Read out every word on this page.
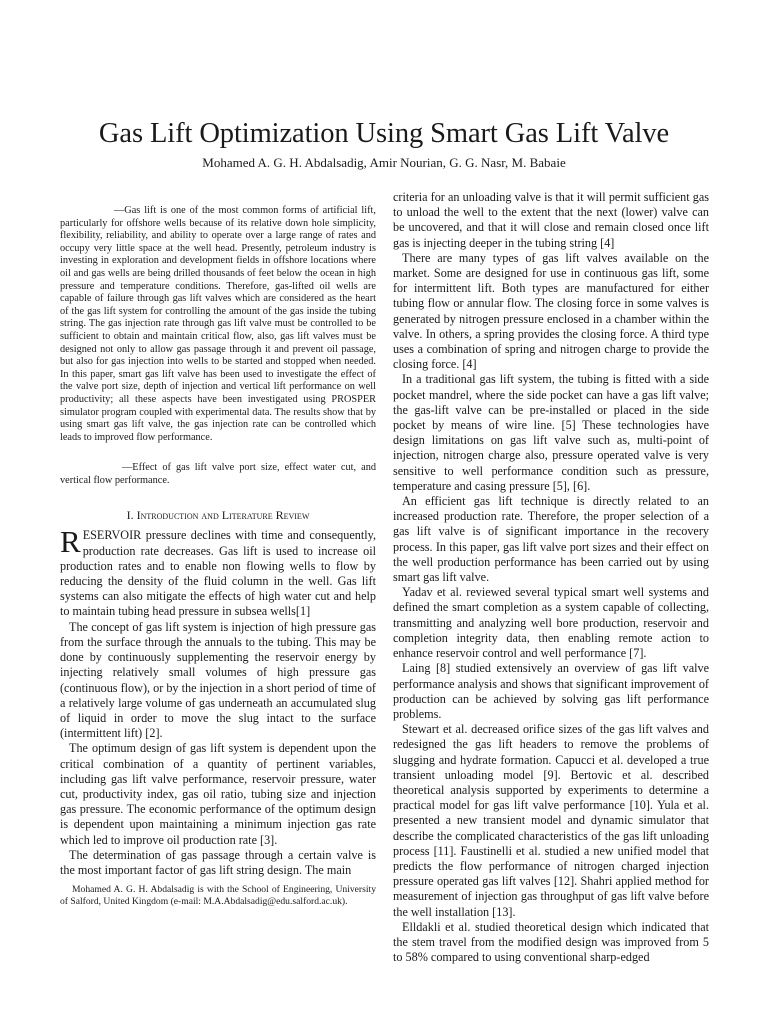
Gas Lift Optimization Using Smart Gas Lift Valve
Mohamed A. G. H. Abdalsadig, Amir Nourian, G. G. Nasr, M. Babaie

—Gas lift is one of the most common forms of artificial lift, particularly for offshore wells because of its relative down hole simplicity, flexibility, reliability, and ability to operate over a large range of rates and occupy very little space at the well head. Presently, petroleum industry is investing in exploration and development fields in offshore locations where oil and gas wells are being drilled thousands of feet below the ocean in high pressure and temperature conditions. Therefore, gas-lifted oil wells are capable of failure through gas lift valves which are considered as the heart of the gas lift system for controlling the amount of the gas inside the tubing string. The gas injection rate through gas lift valve must be controlled to be sufficient to obtain and maintain critical flow, also, gas lift valves must be designed not only to allow gas passage through it and prevent oil passage, but also for gas injection into wells to be started and stopped when needed. In this paper, smart gas lift valve has been used to investigate the effect of the valve port size, depth of injection and vertical lift performance on well productivity; all these aspects have been investigated using PROSPER simulator program coupled with experimental data. The results show that by using smart gas lift valve, the gas injection rate can be controlled which leads to improved flow performance.

—Effect of gas lift valve port size, effect water cut, and vertical flow performance.

I. Introduction and Literature Review

RESERVOIR pressure declines with time and consequently, production rate decreases. Gas lift is used to increase oil production rates and to enable non flowing wells to flow by reducing the density of the fluid column in the well. Gas lift systems can also mitigate the effects of high water cut and help to maintain tubing head pressure in subsea wells[1]

The concept of gas lift system is injection of high pressure gas from the surface through the annuals to the tubing. This may be done by continuously supplementing the reservoir energy by injecting relatively small volumes of high pressure gas (continuous flow), or by the injection in a short period of time of a relatively large volume of gas underneath an accumulated slug of liquid in order to move the slug intact to the surface (intermittent lift) [2].

The optimum design of gas lift system is dependent upon the critical combination of a quantity of pertinent variables, including gas lift valve performance, reservoir pressure, water cut, productivity index, gas oil ratio, tubing size and injection gas pressure. The economic performance of the optimum design is dependent upon maintaining a minimum injection gas rate which led to improve oil production rate [3].

The determination of gas passage through a certain valve is the most important factor of gas lift string design. The main

Mohamed A. G. H. Abdalsadig is with the School of Engineering, University of Salford, United Kingdom (e-mail: M.A.Abdalsadig@edu.salford.ac.uk).

criteria for an unloading valve is that it will permit sufficient gas to unload the well to the extent that the next (lower) valve can be uncovered, and that it will close and remain closed once lift gas is injecting deeper in the tubing string [4]

There are many types of gas lift valves available on the market. Some are designed for use in continuous gas lift, some for intermittent lift. Both types are manufactured for either tubing flow or annular flow. The closing force in some valves is generated by nitrogen pressure enclosed in a chamber within the valve. In others, a spring provides the closing force. A third type uses a combination of spring and nitrogen charge to provide the closing force. [4]

In a traditional gas lift system, the tubing is fitted with a side pocket mandrel, where the side pocket can have a gas lift valve; the gas-lift valve can be pre-installed or placed in the side pocket by means of wire line. [5] These technologies have design limitations on gas lift valve such as, multi-point of injection, nitrogen charge also, pressure operated valve is very sensitive to well performance condition such as pressure, temperature and casing pressure [5], [6].

An efficient gas lift technique is directly related to an increased production rate. Therefore, the proper selection of a gas lift valve is of significant importance in the recovery process. In this paper, gas lift valve port sizes and their effect on the well production performance has been carried out by using smart gas lift valve.

Yadav et al. reviewed several typical smart well systems and defined the smart completion as a system capable of collecting, transmitting and analyzing well bore production, reservoir and completion integrity data, then enabling remote action to enhance reservoir control and well performance [7].

Laing [8] studied extensively an overview of gas lift valve performance analysis and shows that significant improvement of production can be achieved by solving gas lift performance problems.

Stewart et al. decreased orifice sizes of the gas lift valves and redesigned the gas lift headers to remove the problems of slugging and hydrate formation. Capucci et al. developed a true transient unloading model [9]. Bertovic et al. described theoretical analysis supported by experiments to determine a practical model for gas lift valve performance [10]. Yula et al. presented a new transient model and dynamic simulator that describe the complicated characteristics of the gas lift unloading process [11]. Faustinelli et al. studied a new unified model that predicts the flow performance of nitrogen charged injection pressure operated gas lift valves [12]. Shahri applied method for measurement of injection gas throughput of gas lift valve before the well installation [13].

Elldakli et al. studied theoretical design which indicated that the stem travel from the modified design was improved from 5 to 58% compared to using conventional sharp-edged
